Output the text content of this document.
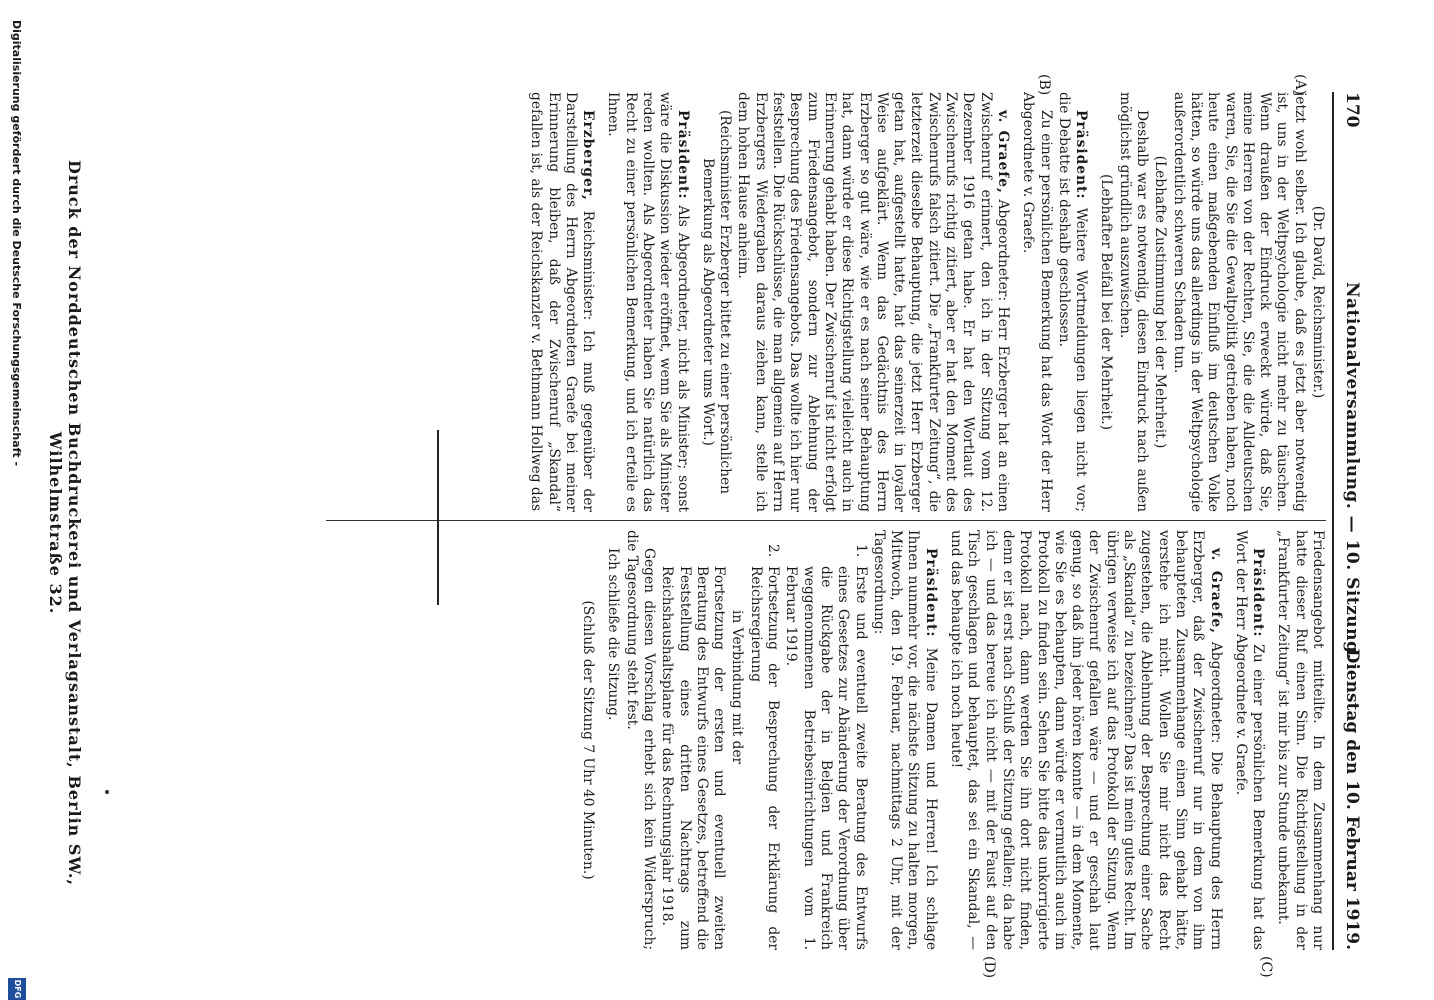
170
Nationalversammlung. — 10. Sitzung.
Dienstag den 10. Februar 1919.
(A)
(B)
(C)
(D)

(Dr. David, Reichsminister.)

jetzt wohl selber. Ich glaube, daß es jetzt aber notwendig ist, uns in der Weltpsychologie nicht mehr zu täuschen. Wenn draußen der Eindruck erweckt würde, daß Sie, meine Herren von der Rechten, Sie, die die Alldeutschen waren, Sie, die Sie die Gewaltpolitik getrieben haben, noch heute einen maßgebenden Einfluß im deutschen Volke hätten, so würde uns das allerdings in der Weltpsychologie außerordentlich schweren Schaden tun.

(Lebhafte Zustimmung bei der Mehrheit.)

Deshalb war es notwendig, diesen Eindruck nach außen möglichst gründlich auszuwischen.

(Lebhafter Beifall bei der Mehrheit.)

Präsident: Weitere Wortmeldungen liegen nicht vor; die Debatte ist deshalb geschlossen.

Zu einer persönlichen Bemerkung hat das Wort der Herr Abgeordnete v. Graefe.

v. Graefe, Abgeordneter: Herr Erzberger hat an einen Zwischenruf erinnert, den ich in der Sitzung vom 12. Dezember 1916 getan habe. Er hat den Wortlaut des Zwischenrufs richtig zitiert, aber er hat den Moment des Zwischenrufs falsch zitiert. Die „Frankfurter Zeitung“, die letzterzeit dieselbe Behauptung, die jetzt Herr Erzberger getan hat, aufgestellt hatte, hat das seinerzeit in loyaler Weise aufgeklärt. Wenn das Gedächtnis des Herrn Erzberger so gut wäre, wie er es nach seiner Behauptung hat, dann würde er diese Richtigstellung vielleicht auch in Erinnerung gehabt haben. Der Zwischenruf ist nicht erfolgt zum Friedensangebot, sondern zur Ablehnung der Besprechung des Friedensangebots. Das wollte ich hier nur feststellen. Die Rückschlüsse, die man allgemein auf Herrn Erzbergers Wiedergaben daraus ziehen kann, stelle ich dem hohen Hause anheim.

(Reichsminister Erzberger bittet zu einer persönlichen Bemerkung als Abgeordneter ums Wort.)

Präsident: Als Abgeordneter, nicht als Minister; sonst wäre die Diskussion wieder eröffnet, wenn Sie als Minister reden wollten. Als Abgeordneter haben Sie natürlich das Recht zu einer persönlichen Bemerkung, und ich erteile es Ihnen.

Erzberger, Reichsminister: Ich muß gegenüber der Darstellung des Herrn Abgeordneten Graefe bei meiner Erinnerung bleiben, daß der Zwischenruf „Skandal“ gefallen ist, als der Reichskanzler v. Bethmann Hollweg das

Friedensangebot mitteilte. In dem Zusammenhang nur hatte dieser Ruf einen Sinn. Die Richtigstellung in der „Frankfurter Zeitung“ ist mir bis zur Stunde unbekannt.

Präsident: Zu einer persönlichen Bemerkung hat das Wort der Herr Abgeordnete v. Graefe.

v. Graefe, Abgeordneter: Die Behauptung des Herrn Erzberger, daß der Zwischenruf nur in dem von ihm behaupteten Zusammenhange einen Sinn gehabt hätte, verstehe ich nicht. Wollen Sie mir nicht das Recht zugestehen, die Ablehnung der Besprechung einer Sache als „Skandal“ zu bezeichnen? Das ist mein gutes Recht. Im übrigen verweise ich auf das Protokoll der Sitzung. Wenn der Zwischenruf gefallen wäre — und er geschah laut genug, so daß ihn jeder hören konnte — in dem Momente, wie Sie es behaupten, dann würde er vermutlich auch im Protokoll zu finden sein. Sehen Sie bitte das unkorrigierte Protokoll nach, dann werden Sie ihn dort nicht finden, denn er ist erst nach Schluß der Sitzung gefallen; da habe ich — und das bereue ich nicht — mit der Faust auf den Tisch geschlagen und behauptet, das sei ein Skandal, — und das behaupte ich noch heute!

Präsident: Meine Damen und Herren! Ich schlage Ihnen nunmehr vor, die nächste Sitzung zu halten morgen, Mittwoch, den 19. Februar, nachmittags 2 Uhr, mit der Tagesordnung:

1.
Erste und eventuell zweite Beratung des Entwurfs eines Gesetzes zur Abänderung der Verordnung über die Rückgabe der in Belgien und Frankreich weggenommenen Betriebseinrichtungen vom 1. Februar 1919.

2.
Fortsetzung der Besprechung der Erklärung der Reichsregierung

in Verbindung mit der

Fortsetzung der ersten und eventuell zweiten Beratung des Entwurfs eines Gesetzes, betreffend die Feststellung eines dritten Nachtrags zum Reichshaushaltsplane für das Rechnungsjahr 1918.

Gegen diesen Vorschlag erhebt sich kein Widerspruch; die Tagesordnung steht fest.

Ich schließe die Sitzung.

(Schluß der Sitzung 7 Uhr 40 Minuten.)

Druck der Norddeutschen Buchdruckerei und Verlagsanstalt, Berlin SW., Wilhelmstraße 32.
Digitalisierung gefördert durch die Deutsche Forschungsgemeinschaft -
DFG
